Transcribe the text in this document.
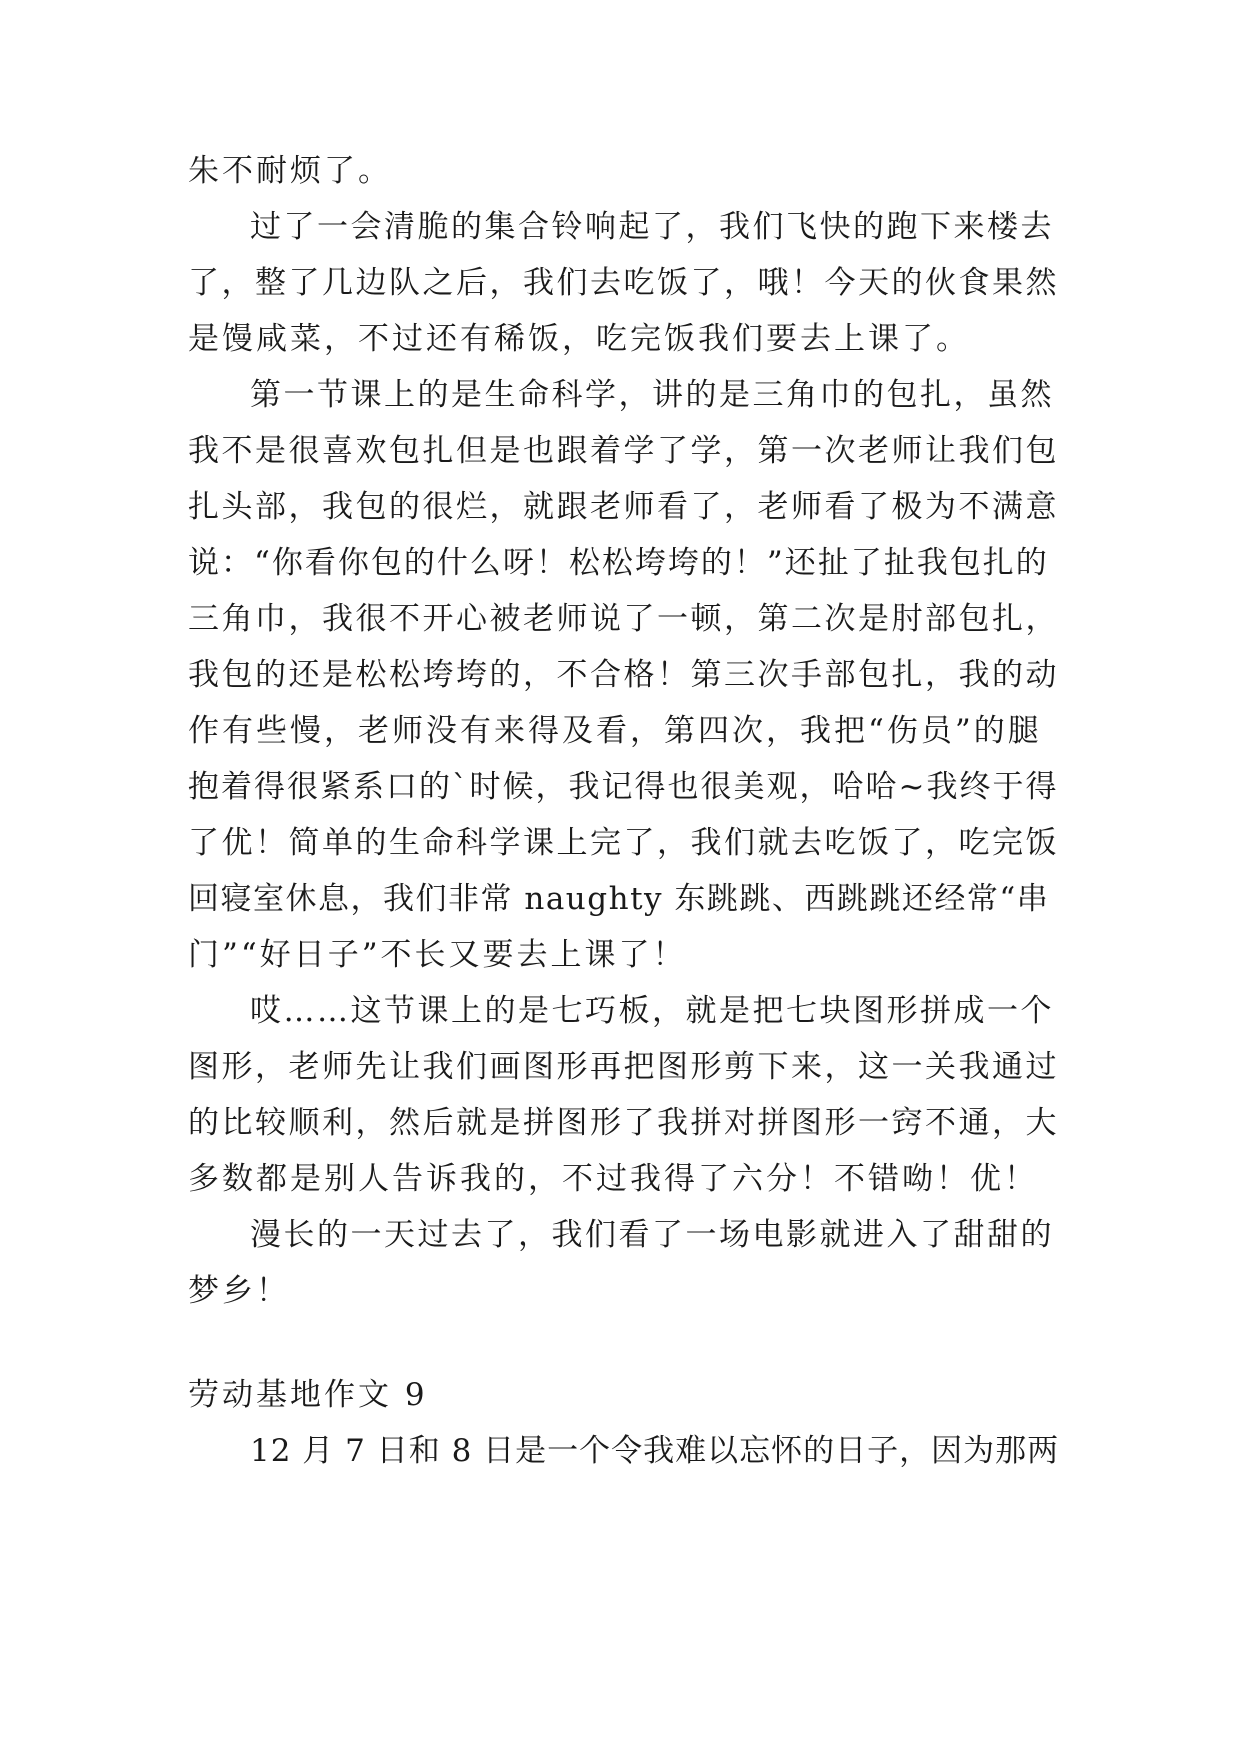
朱不耐烦了。

过了一会清脆的集合铃响起了，我们飞快的跑下来楼去

了，整了几边队之后，我们去吃饭了，哦！今天的伙食果然

是馒咸菜，不过还有稀饭，吃完饭我们要去上课了。

第一节课上的是生命科学，讲的是三角巾的包扎，虽然

我不是很喜欢包扎但是也跟着学了学，第一次老师让我们包

扎头部，我包的很烂，就跟老师看了，老师看了极为不满意

说：“你看你包的什么呀！松松垮垮的！”还扯了扯我包扎的

三角巾，我很不开心被老师说了一顿，第二次是肘部包扎，

我包的还是松松垮垮的，不合格！第三次手部包扎，我的动

作有些慢，老师没有来得及看，第四次，我把“伤员”的腿

抱着得很紧系口的`时候，我记得也很美观，哈哈~我终于得

了优！简单的生命科学课上完了，我们就去吃饭了，吃完饭

回寝室休息，我们非常 naughty 东跳跳、西跳跳还经常“串

门”“好日子”不长又要去上课了！

哎……这节课上的是七巧板，就是把七块图形拼成一个

图形，老师先让我们画图形再把图形剪下来，这一关我通过

的比较顺利，然后就是拼图形了我拼对拼图形一窍不通，大

多数都是别人告诉我的，不过我得了六分！不错呦！优！

漫长的一天过去了，我们看了一场电影就进入了甜甜的

梦乡！

劳动基地作文 9

12 月 7 日和 8 日是一个令我难以忘怀的日子，因为那两
